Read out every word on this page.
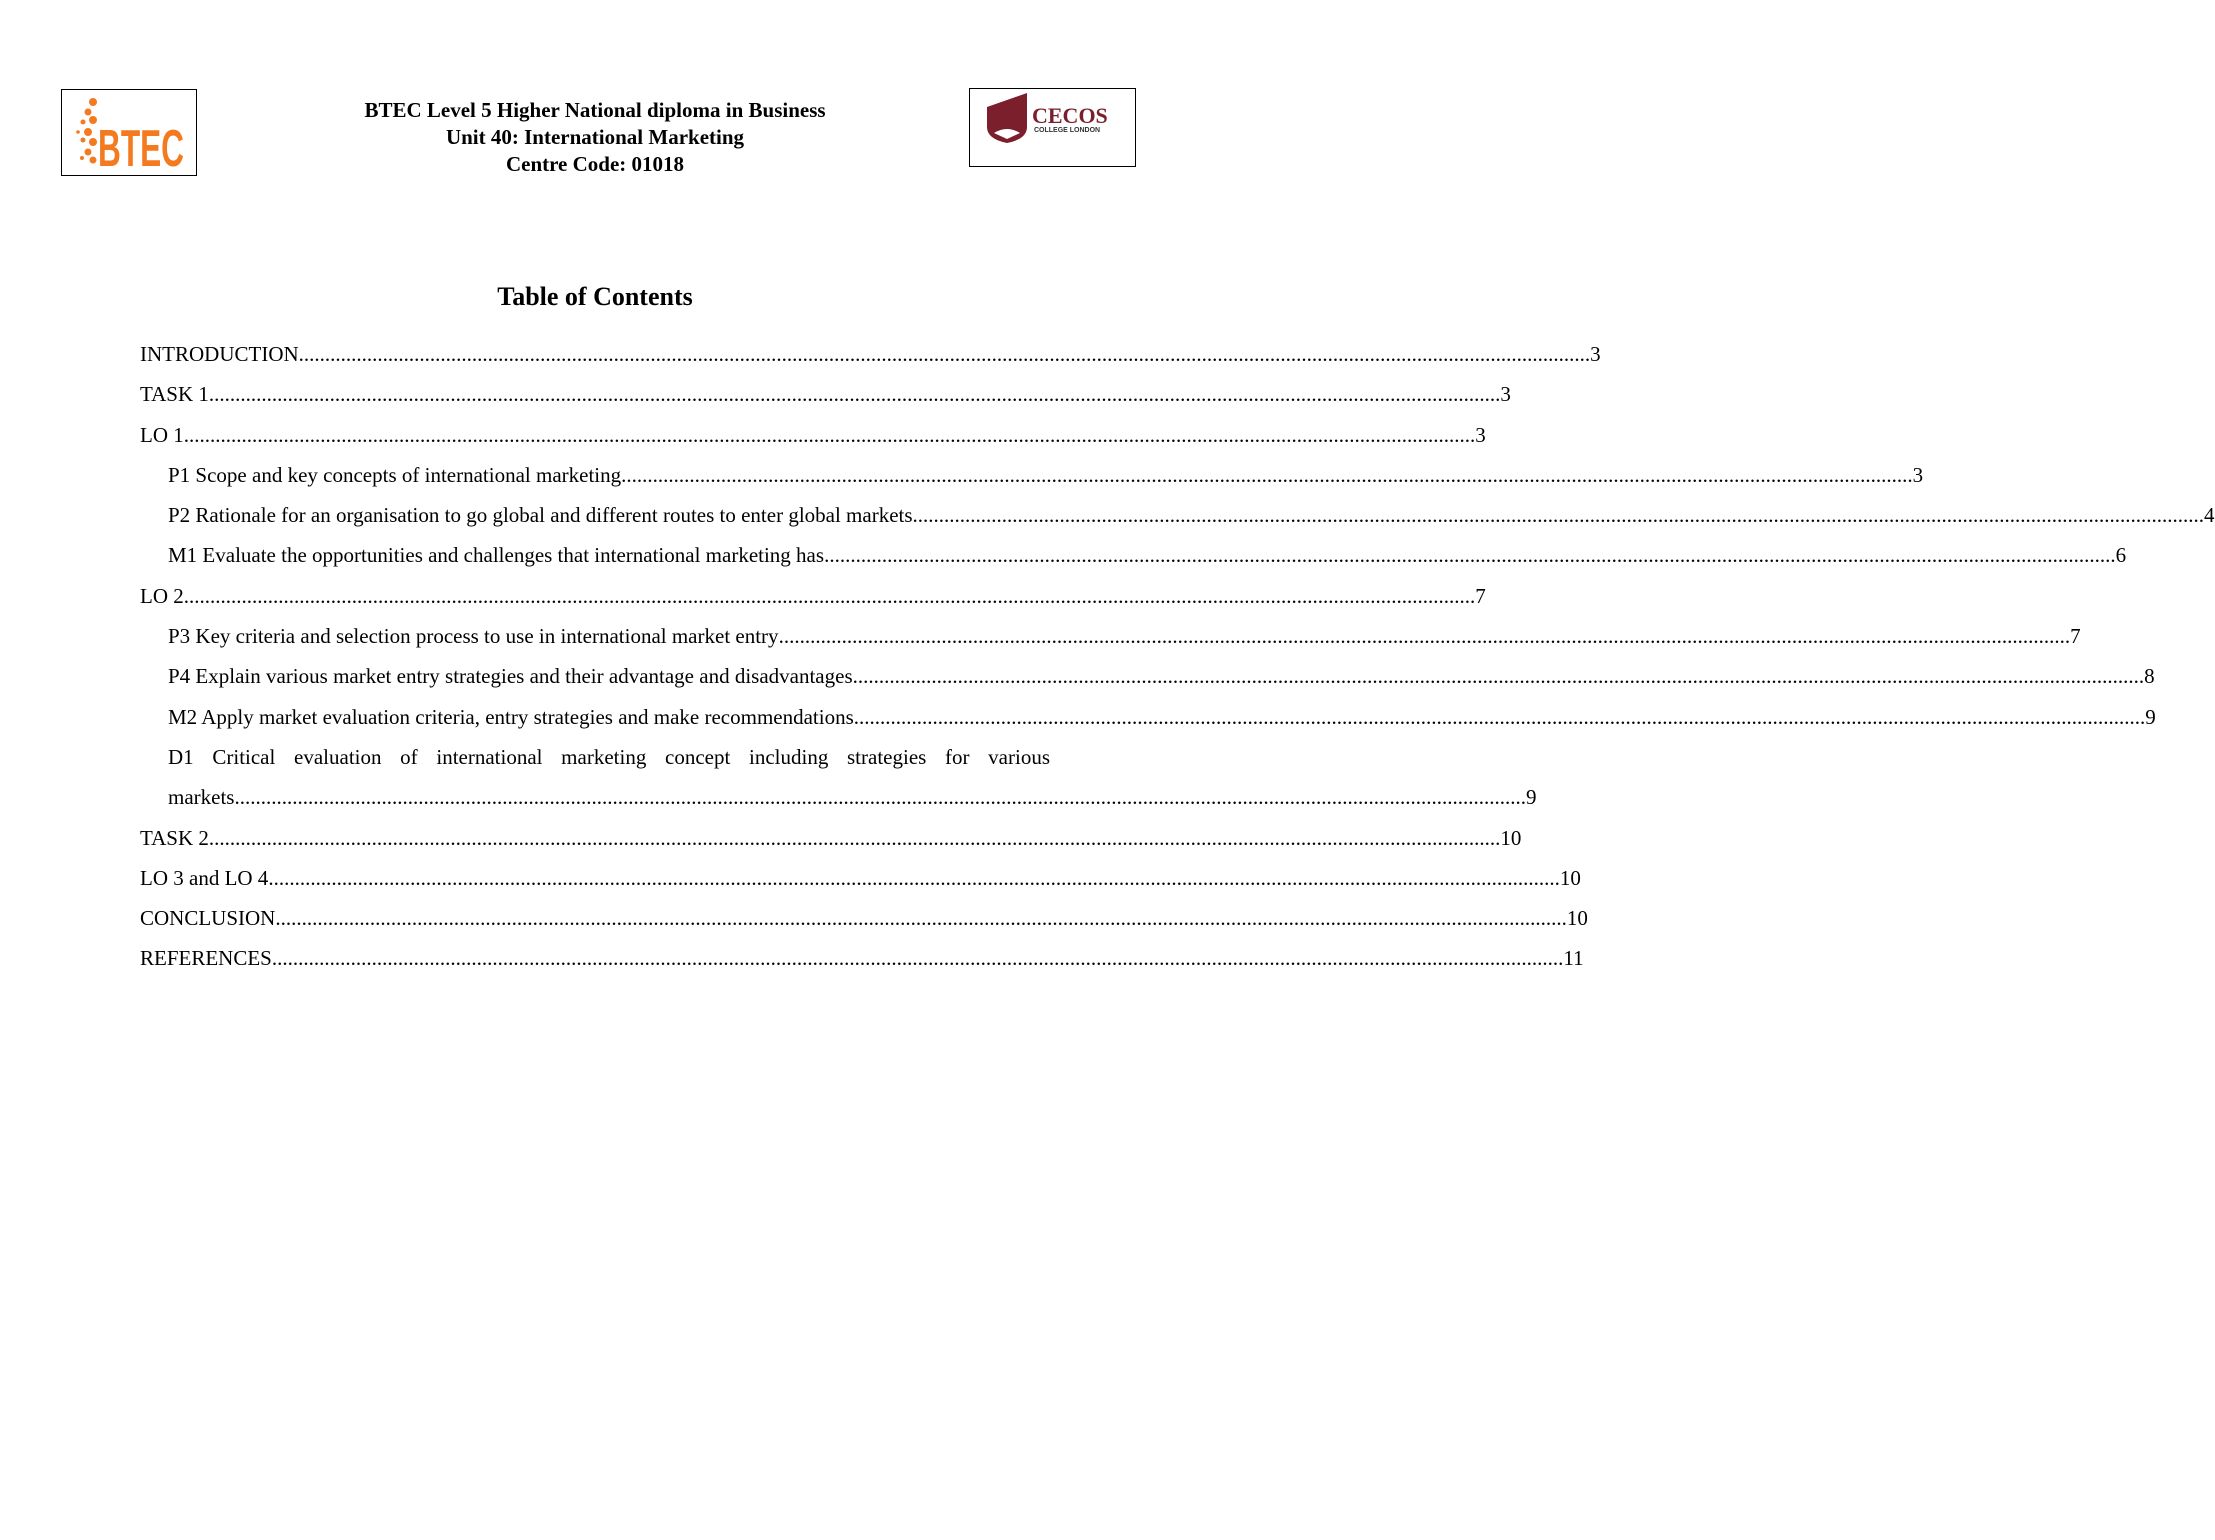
BTEC
BTEC Level 5 Higher National diploma in Business
Unit 40: International Marketing
Centre Code: 01018
CECOS
COLLEGE LONDON
Table of Contents
INTRODUCTION .....	3
TASK 1 .....	3
LO 1 .....	3
P1 Scope and key concepts of international marketing .....	3
P2 Rationale for an organisation to go global and different routes to enter global markets .....	4
M1 Evaluate the opportunities and challenges that international marketing has .....	6
LO 2 .....	7
P3 Key criteria and selection process to use in international market entry .....	7
P4 Explain various market entry strategies and their advantage and disadvantages .....	8
M2 Apply market evaluation criteria, entry strategies and make recommendations .....	9
D1 Critical evaluation of international marketing concept including strategies for various
markets .....	9
TASK 2 .....	10
LO 3 and LO 4 .....	10
CONCLUSION .....	10
REFERENCES .....	11
